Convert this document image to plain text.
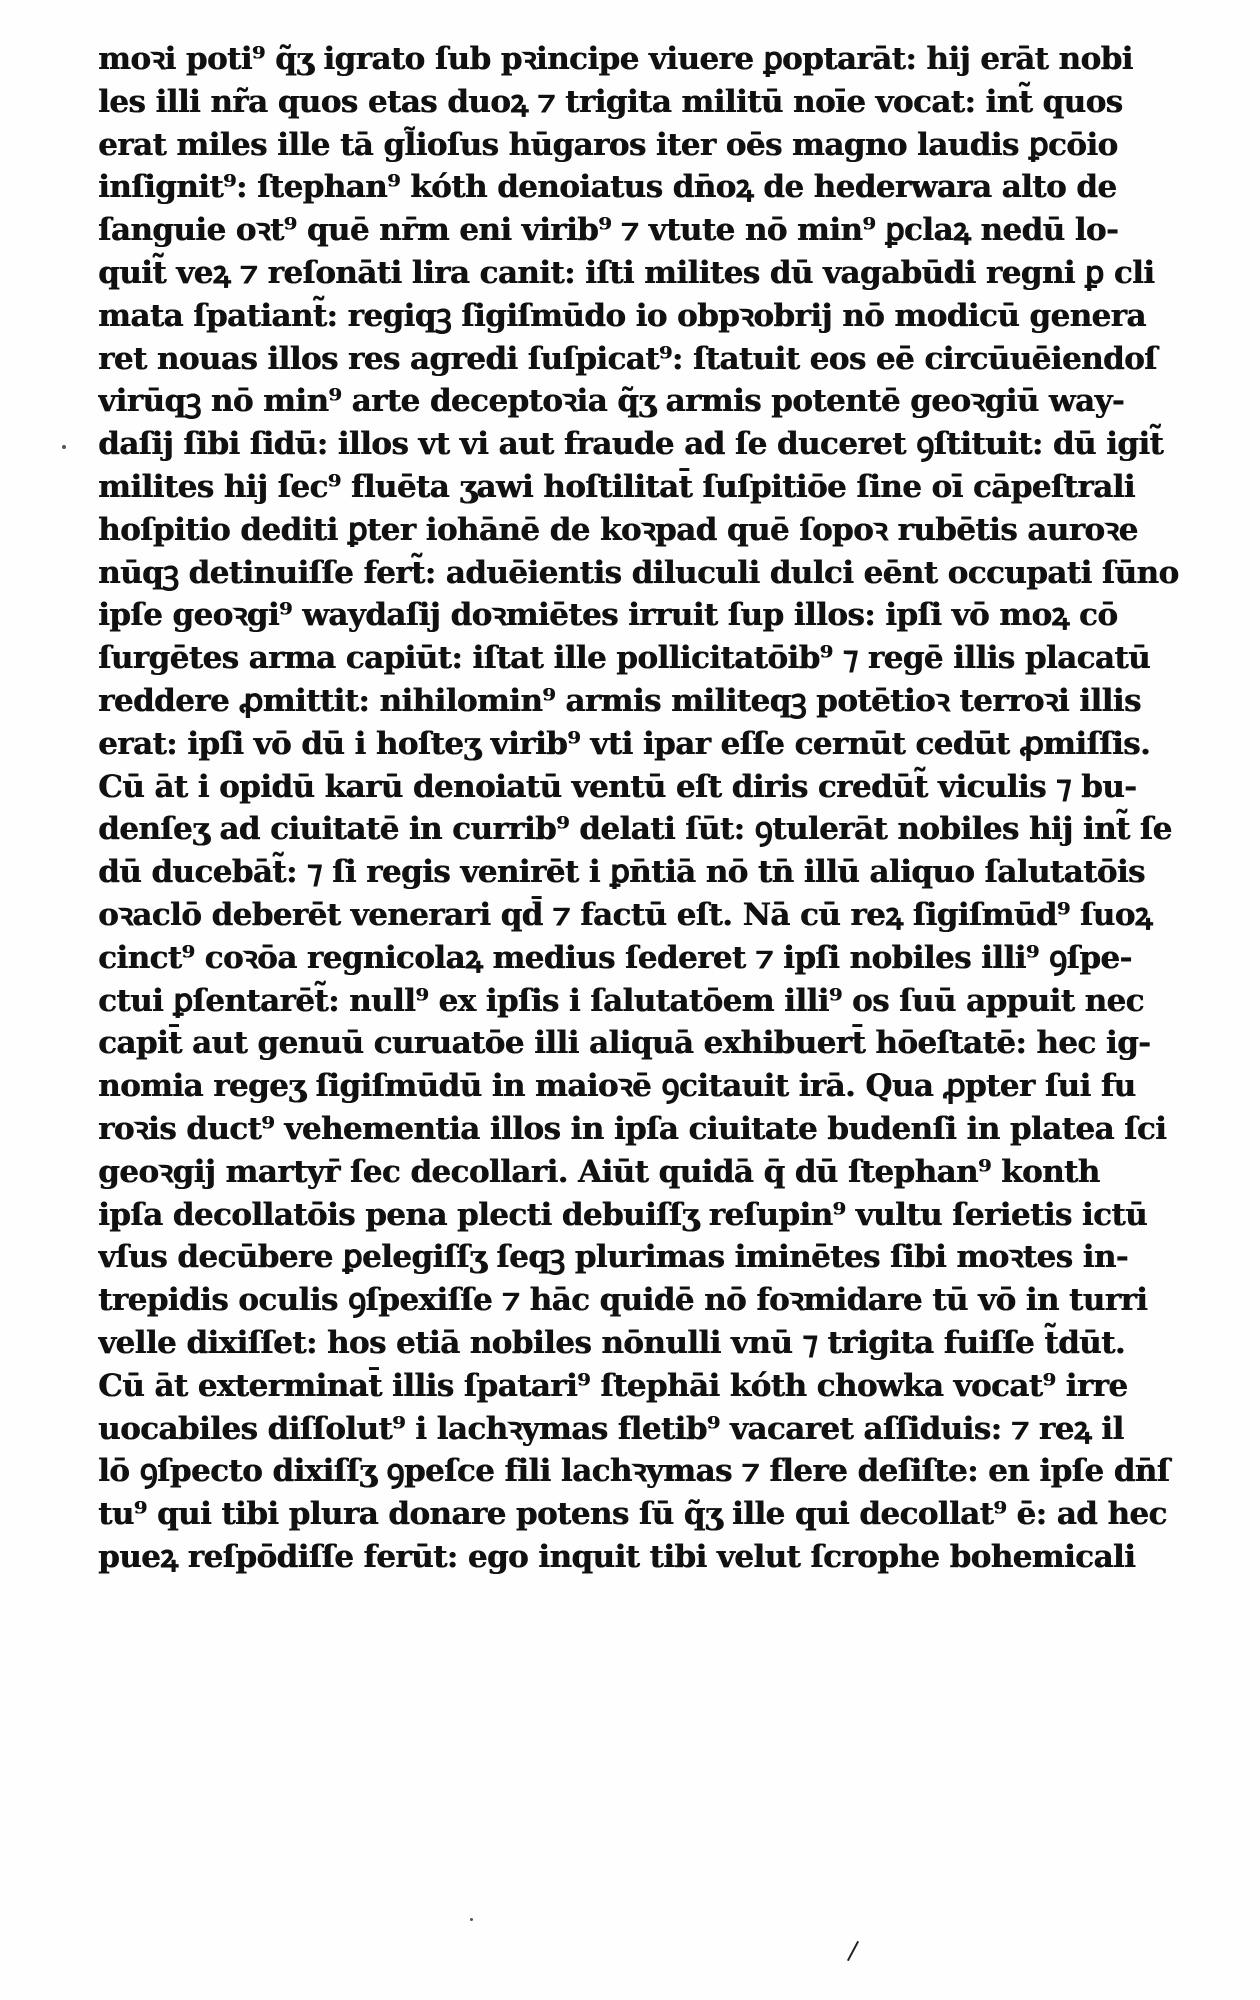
moꝛi poti⁹ q̃ʒ igrato ſub pꝛincipe viuere ꝑoptarāt: hij erāt nobi
les illi nr̃a quos etas duoꝝ ⁊ trigita militū noīe vocat: int̃ quos
erat miles ille tā gl̃ioſus hūgaros iter oēs magno laudis ꝑcōio
inſignit⁹: ſtephan⁹ kóth denoiatus dn̄oꝝ de hederwara alto de
ſanguie oꝛt⁹ quē nr̄m eni virib⁹ ⁊ vtute nō min⁹ ꝑclaꝝ nedū lo-
quit̃ veꝝ ⁊ reſonāti lira canit: iſti milites dū vagabūdi regni ꝑ cli
mata ſpatiant̃: regiqꝫ ſigiſmūdo io obpꝛobrij nō modicū genera
ret nouas illos res agredi ſuſpicat⁹: ſtatuit eos eē circūuēiendoſ
virūqꝫ nō min⁹ arte deceptoꝛia q̃ʒ armis potentē geoꝛgiū way-
daſij ſibi ſidū: illos vt vi aut fraude ad ſe duceret ꝯſtituit: dū igit̃
milites hij ſec⁹ fluēta ʒawi hoſtilitat̄ ſuſpitiōe ſine oī cāpeſtrali
hoſpitio dediti ꝑter iohānē de koꝛpad quē ſopoꝛ rubētis auroꝛe
nūqꝫ detinuiſſe fert̃: aduēientis diluculi dulci eēnt occupati ſūno
ipſe geoꝛgi⁹ waydaſij doꝛmiētes irruit ſup illos: ipſi vō moꝝ cō
ſurgētes arma capiūt: iſtat ille pollicitatōib⁹ ⁊ regē illis placatū
reddere ꝓmittit: nihilomin⁹ armis militeqꝫ potētioꝛ terroꝛi illis
erat: ipſi vō dū i hoſteʒ virib⁹ vti ipar eſſe cernūt cedūt ꝓmiſſis.
Cū āt i opidū karū denoiatū ventū eſt diris credūt̃ viculis ⁊ bu-
denſeʒ ad ciuitatē in currib⁹ delati ſūt: ꝯtulerāt nobiles hij int̃ ſe
dū ducebāt̃: ⁊ ſi regis venirēt i ꝑn̄tiā nō tn̄ illū aliquo ſalutatōis
oꝛaclō deberēt venerari qd̄ ⁊ factū eſt. Nā cū reꝝ ſigiſmūd⁹ ſuoꝝ
cinct⁹ coꝛōa regnicolaꝝ medius ſederet ⁊ ipſi nobiles illi⁹ ꝯſpe-
ctui ꝑſentarēt̃: null⁹ ex ipſis i ſalutatōem illi⁹ os ſuū appuit nec
capit̄ aut genuū curuatōe illi aliquā exhibuert̄ hōeſtatē: hec ig-
nomia regeʒ ſigiſmūdū in maioꝛē ꝯcitauit irā. Qua ꝓpter ſui fu
roꝛis duct⁹ vehementia illos in ipſa ciuitate budenſi in platea ſci
geoꝛgij martyr̄ ſec decollari. Aiūt quidā q̄ dū ſtephan⁹ konth
ipſa decollatōis pena plecti debuiſſʒ reſupin⁹ vultu ſerietis ictū
vſus decūbere ꝑelegiſſʒ ſeqꝫ plurimas iminētes ſibi moꝛtes in-
trepidis oculis ꝯſpexiſſe ⁊ hāc quidē nō foꝛmidare tū vō in turri
velle dixiſſet: hos etiā nobiles nōnulli vnū ⁊ trigita fuiſſe t̃dūt.
Cū āt exterminat̄ illis ſpatari⁹ ſtephāi kóth chowka vocat⁹ irre
uocabiles diſſolut⁹ i lachꝛymas fletib⁹ vacaret aſſiduis: ⁊ reꝝ il
lō ꝯſpecto dixiſſʒ ꝯpeſce fili lachꝛymas ⁊ flere deſiſte: en ipſe dn̄ſ
tu⁹ qui tibi plura donare potens ſū q̃ʒ ille qui decollat⁹ ē: ad hec
pueꝝ reſpōdiſſe ferūt: ego inquit tibi velut ſcrophe bohemicali
